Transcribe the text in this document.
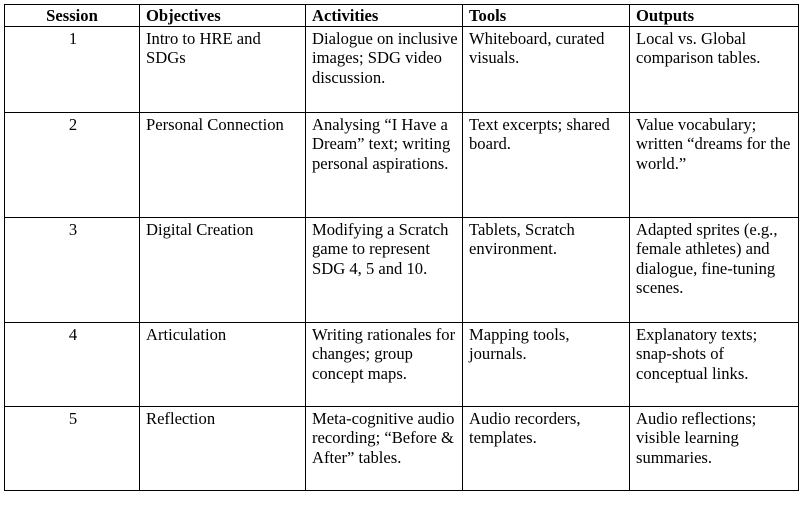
Session	Objectives	Activities	Tools	Outputs
1	Intro to HRE and SDGs	Dialogue on inclusive images; SDG video discussion.	Whiteboard, curated visuals.	Local vs. Global comparison tables.
2	Personal Connection	Analysing “I Have a Dream” text; writing personal aspirations.	Text excerpts; shared board.	Value vocabulary; written “dreams for the world.”
3	Digital Creation	Modifying a Scratch game to represent SDG 4, 5 and 10.	Tablets, Scratch environment.	Adapted sprites (e.g., female athletes) and dialogue, fine-tuning scenes.
4	Articulation	Writing rationales for changes; group concept maps.	Mapping tools, journals.	Explanatory texts; snap-shots of conceptual links.
5	Reflection	Meta-cognitive audio recording; “Before & After” tables.	Audio recorders, templates.	Audio reflections; visible learning summaries.
